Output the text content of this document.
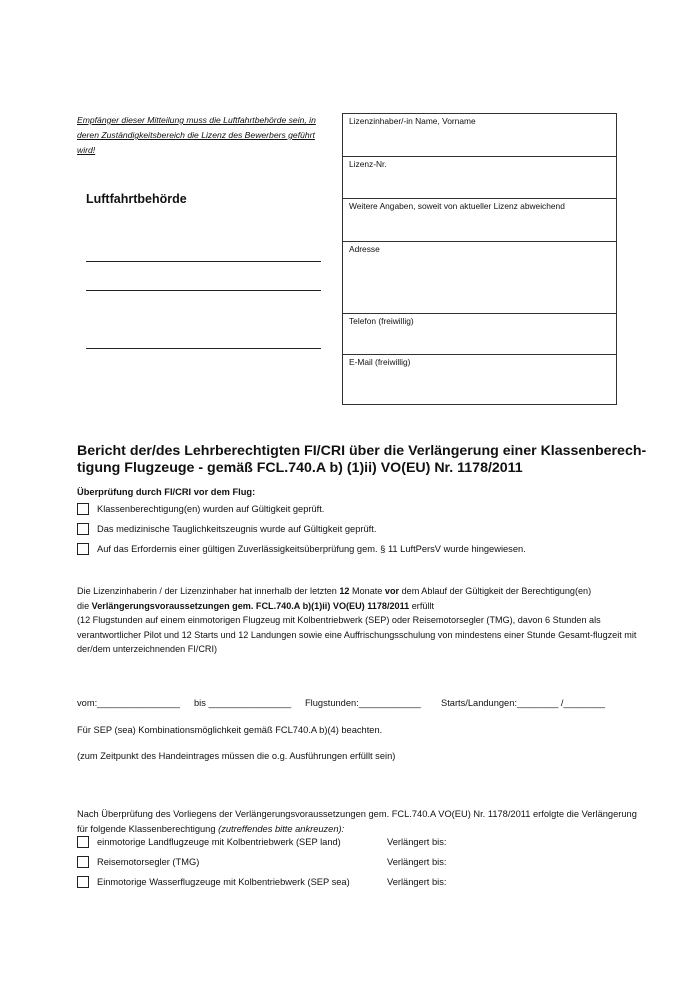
Empfänger dieser Mitteilung muss die Luftfahrtbehörde sein, in deren Zuständigkeitsbereich die Lizenz des Bewerbers geführt wird!
Luftfahrtbehörde
Lizenzinhaber/-in Name, Vorname
Lizenz-Nr.
Weitere Angaben, soweit von aktueller Lizenz abweichend
Adresse
Telefon (freiwillig)
E-Mail (freiwillig)
Bericht der/des Lehrberechtigten FI/CRI über die Verlängerung einer Klassenberech-tigung Flugzeuge - gemäß FCL.740.A b) (1)ii) VO(EU) Nr. 1178/2011
Überprüfung durch FI/CRI vor dem Flug:
Klassenberechtigung(en) wurden auf Gültigkeit geprüft.
Das medizinische Tauglichkeitszeugnis wurde auf Gültigkeit geprüft.
Auf das Erfordernis einer gültigen Zuverlässigkeitsüberprüfung gem. § 11 LuftPersV wurde hingewiesen.
Die Lizenzinhaberin / der Lizenzinhaber hat innerhalb der letzten 12 Monate vor dem Ablauf der Gültigkeit der Berechtigung(en)
die Verlängerungsvoraussetzungen gem. FCL.740.A b)(1)ii) VO(EU) 1178/2011 erfüllt
(12 Flugstunden auf einem einmotorigen Flugzeug mit Kolbentriebwerk (SEP) oder Reisemotorsegler (TMG), davon 6 Stunden als verantwortlicher Pilot und 12 Starts und 12 Landungen sowie eine Auffrischungsschulung von mindestens einer Stunde Gesamt-flugzeit mit der/dem unterzeichnenden FI/CRI)
vom:________________ bis ________________ Flugstunden:____________ Starts/Landungen:________ /________
Für SEP (sea) Kombinationsmöglichkeit gemäß FCL740.A b)(4) beachten.
(zum Zeitpunkt des Handeintrages müssen die o.g. Ausführungen erfüllt sein)
Nach Überprüfung des Vorliegens der Verlängerungsvoraussetzungen gem. FCL.740.A VO(EU) Nr. 1178/2011 erfolgte die Verlängerung
für folgende Klassenberechtigung (zutreffendes bitte ankreuzen):
einmotorige Landflugzeuge mit Kolbentriebwerk (SEP land)	Verlängert bis:
Reisemotorsegler (TMG)	Verlängert bis:
Einmotorige Wasserflugzeuge mit Kolbentriebwerk (SEP sea)	Verlängert bis:
